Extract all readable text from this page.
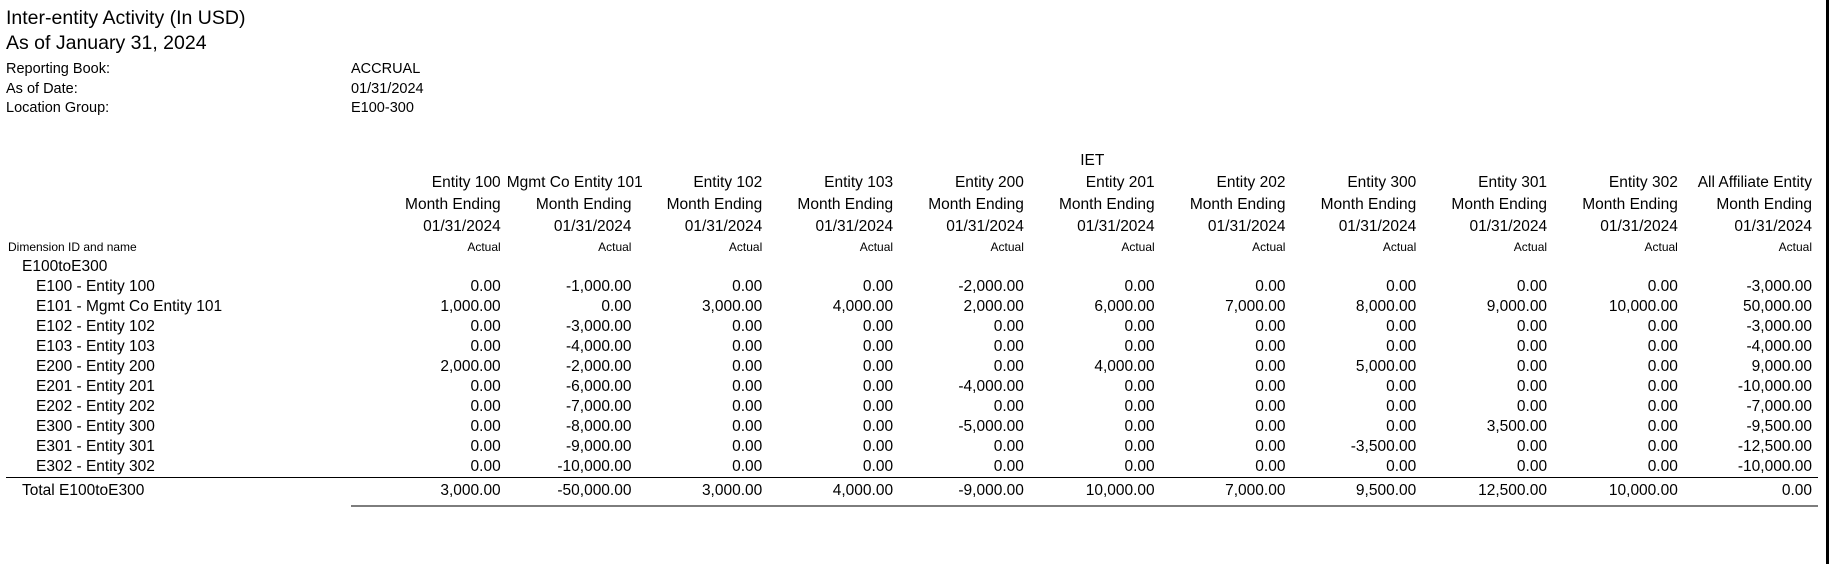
Inter-entity Activity (In USD)
As of January 31, 2024
Reporting Book:	ACCRUAL
As of Date:	01/31/2024
Location Group:	E100-300
						IET					
	Entity 100	Mgmt Co Entity 101	Entity 102	Entity 103	Entity 200	Entity 201	Entity 202	Entity 300	Entity 301	Entity 302	All Affiliate Entity
	Month Ending	Month Ending	Month Ending	Month Ending	Month Ending	Month Ending	Month Ending	Month Ending	Month Ending	Month Ending	Month Ending
	01/31/2024	01/31/2024	01/31/2024	01/31/2024	01/31/2024	01/31/2024	01/31/2024	01/31/2024	01/31/2024	01/31/2024	01/31/2024
Dimension ID and name	Actual	Actual	Actual	Actual	Actual	Actual	Actual	Actual	Actual	Actual	Actual
E100toE300											
E100 - Entity 100	0.00	-1,000.00	0.00	0.00	-2,000.00	0.00	0.00	0.00	0.00	0.00	-3,000.00
E101 - Mgmt Co Entity 101	1,000.00	0.00	3,000.00	4,000.00	2,000.00	6,000.00	7,000.00	8,000.00	9,000.00	10,000.00	50,000.00
E102 - Entity 102	0.00	-3,000.00	0.00	0.00	0.00	0.00	0.00	0.00	0.00	0.00	-3,000.00
E103 - Entity 103	0.00	-4,000.00	0.00	0.00	0.00	0.00	0.00	0.00	0.00	0.00	-4,000.00
E200 - Entity 200	2,000.00	-2,000.00	0.00	0.00	0.00	4,000.00	0.00	5,000.00	0.00	0.00	9,000.00
E201 - Entity 201	0.00	-6,000.00	0.00	0.00	-4,000.00	0.00	0.00	0.00	0.00	0.00	-10,000.00
E202 - Entity 202	0.00	-7,000.00	0.00	0.00	0.00	0.00	0.00	0.00	0.00	0.00	-7,000.00
E300 - Entity 300	0.00	-8,000.00	0.00	0.00	-5,000.00	0.00	0.00	0.00	3,500.00	0.00	-9,500.00
E301 - Entity 301	0.00	-9,000.00	0.00	0.00	0.00	0.00	0.00	-3,500.00	0.00	0.00	-12,500.00
E302 - Entity 302	0.00	-10,000.00	0.00	0.00	0.00	0.00	0.00	0.00	0.00	0.00	-10,000.00
Total E100toE300	3,000.00	-50,000.00	3,000.00	4,000.00	-9,000.00	10,000.00	7,000.00	9,500.00	12,500.00	10,000.00	0.00
